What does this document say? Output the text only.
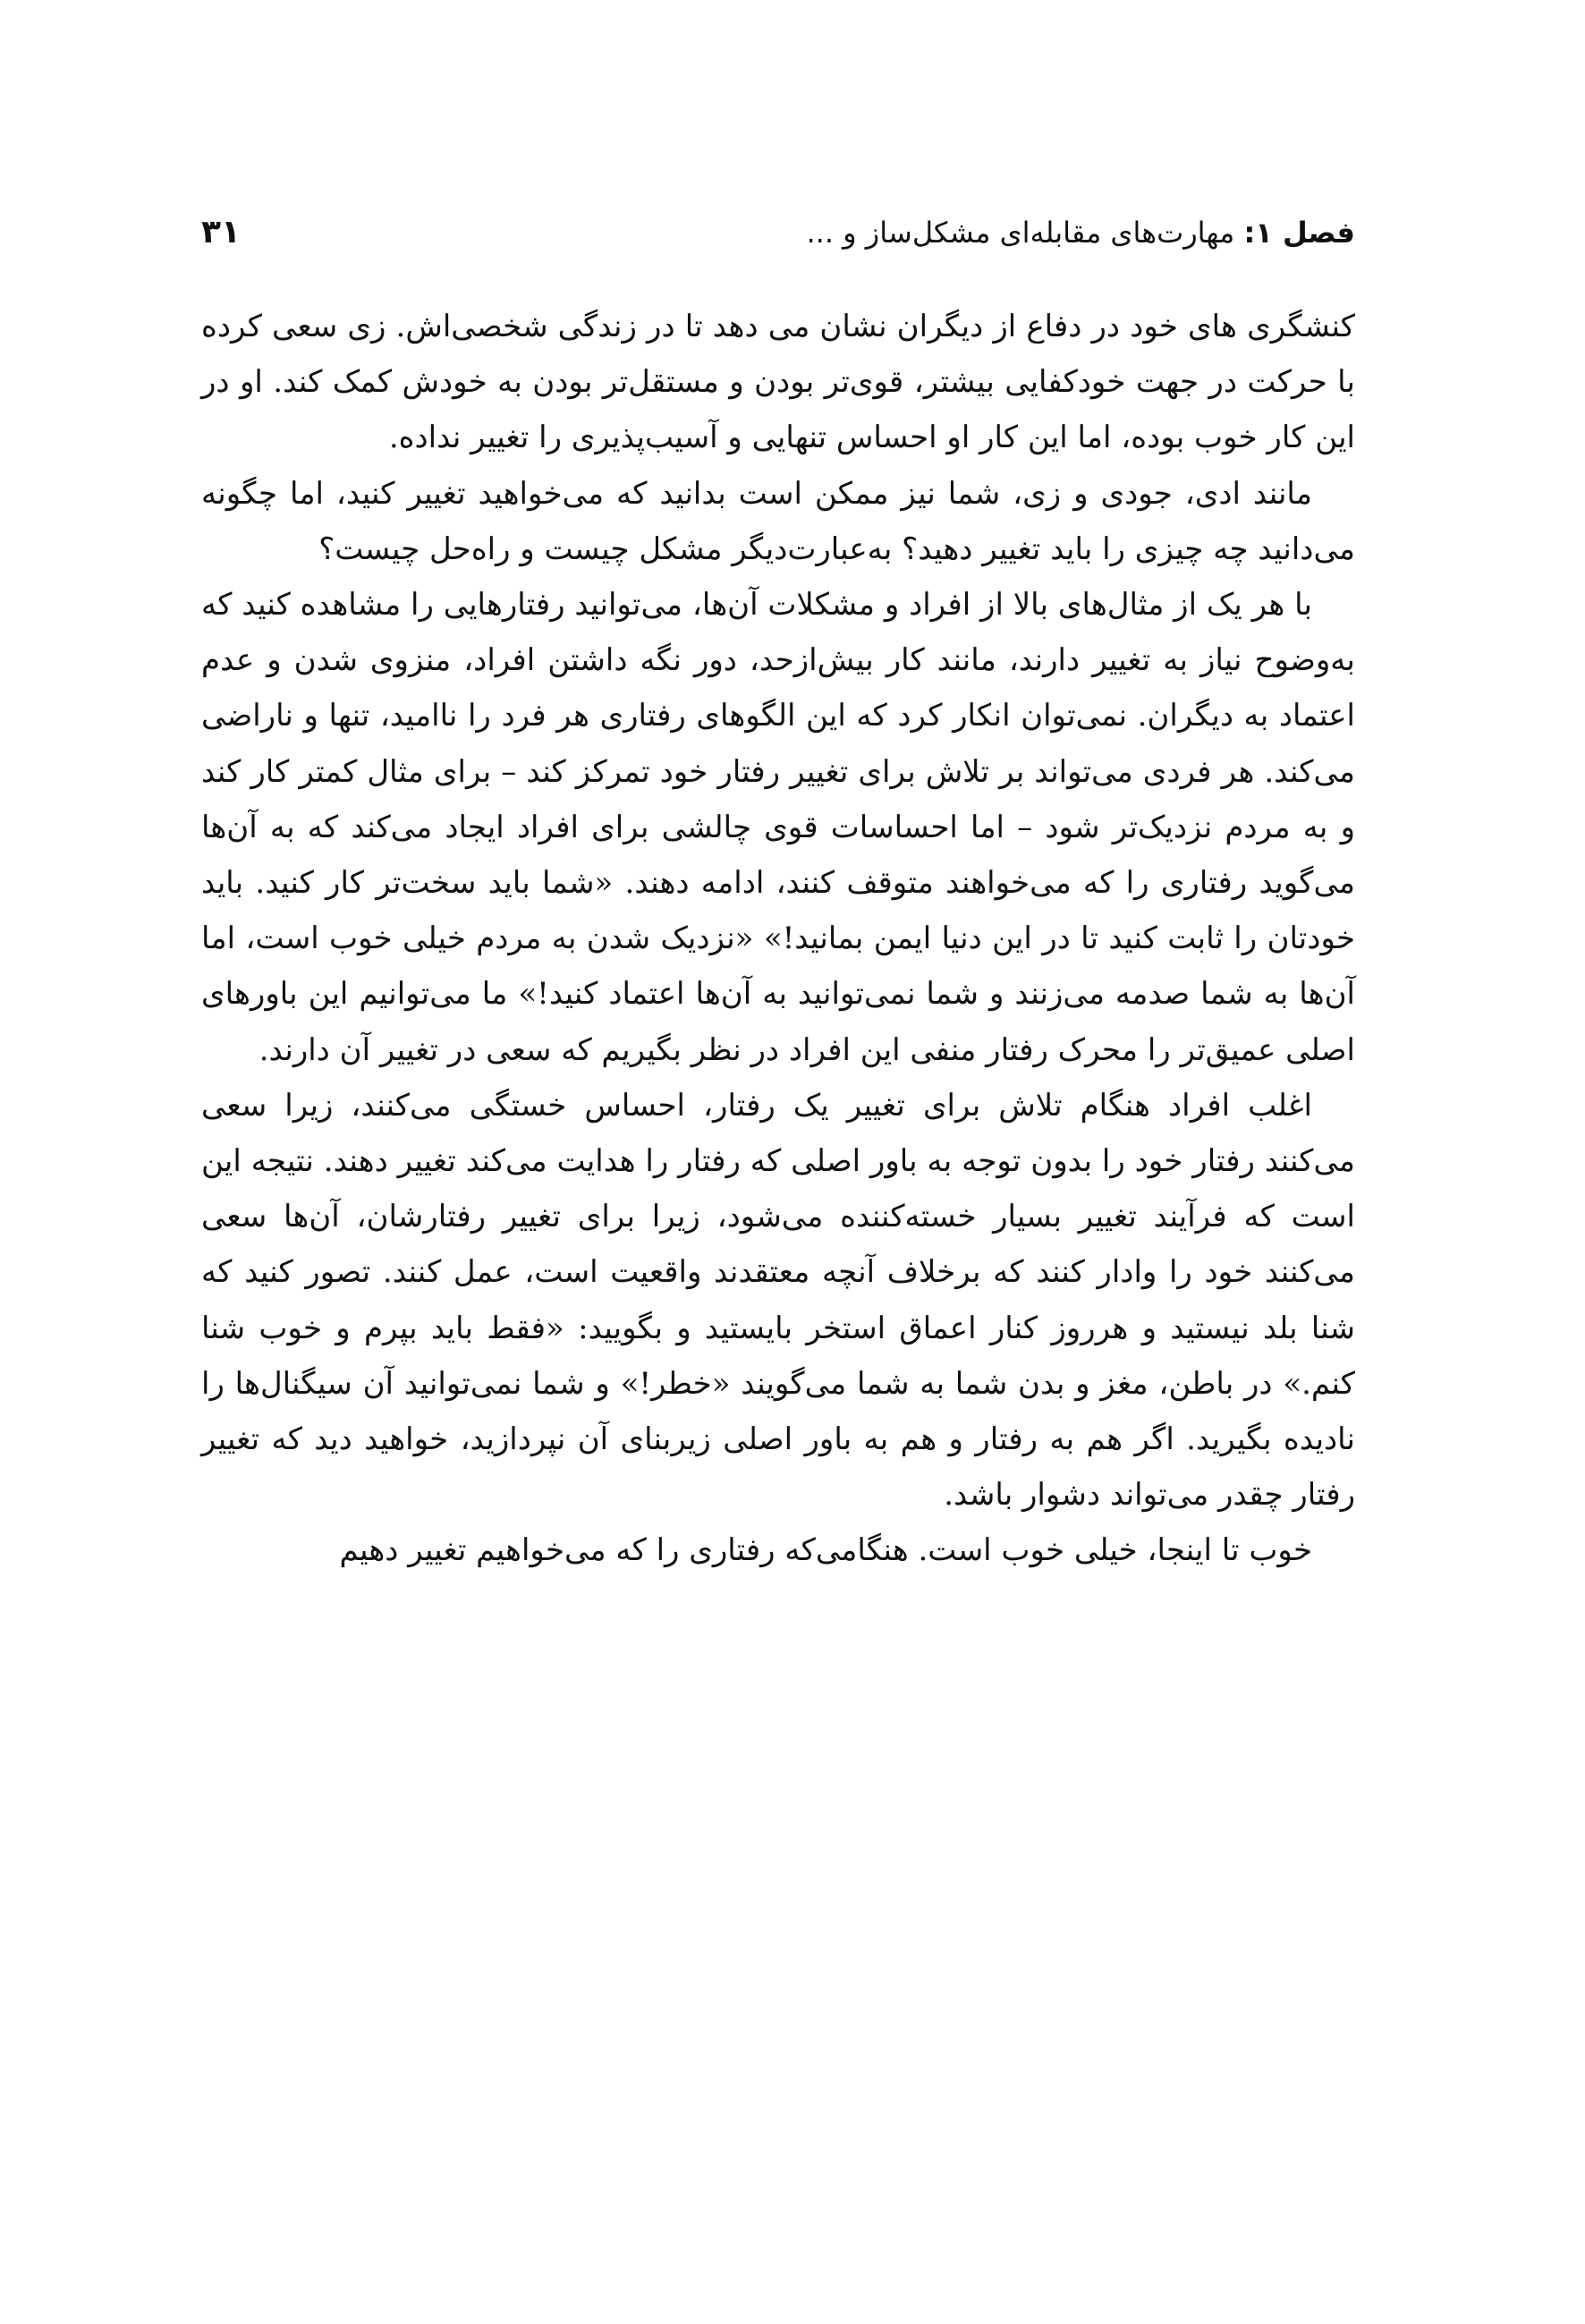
فصل ۱: مهارت‌های مقابله‌ای مشکل‌ساز و ...
۳۱

کنشگری های خود در دفاع از دیگران نشان می دهد تا در زندگی شخصی‌اش. زی سعی کرده با حرکت در جهت خودکفایی بیشتر، قوی‌تر بودن و مستقل‌تر بودن به خودش کمک کند. او در این کار خوب بوده، اما این کار او احساس تنهایی و آسیب‌پذیری را تغییر نداده.

مانند ادی، جودی و زی، شما نیز ممکن است بدانید که می‌خواهید تغییر کنید، اما چگونه می‌دانید چه چیزی را باید تغییر دهید؟ به‌عبارت‌دیگر مشکل چیست و راه‌حل چیست؟

با هر یک از مثال‌های بالا از افراد و مشکلات آن‌ها، می‌توانید رفتارهایی را مشاهده کنید که به‌وضوح نیاز به تغییر دارند، مانند کار بیش‌ازحد، دور نگه داشتن افراد، منزوی شدن و عدم اعتماد به دیگران. نمی‌توان انکار کرد که این الگوهای رفتاری هر فرد را ناامید، تنها و ناراضی می‌کند. هر فردی می‌تواند بر تلاش برای تغییر رفتار خود تمرکز کند – برای مثال کمتر کار کند و به مردم نزدیک‌تر شود – اما احساسات قوی چالشی برای افراد ایجاد می‌کند که به آن‌ها می‌گوید رفتاری را که می‌خواهند متوقف کنند، ادامه دهند. «شما باید سخت‌تر کار کنید. باید خودتان را ثابت کنید تا در این دنیا ایمن بمانید!» «نزدیک شدن به مردم خیلی خوب است، اما آن‌ها به شما صدمه می‌زنند و شما نمی‌توانید به آن‌ها اعتماد کنید!» ما می‌توانیم این باورهای اصلی عمیق‌تر را محرک رفتار منفی این افراد در نظر بگیریم که سعی در تغییر آن دارند.

اغلب افراد هنگام تلاش برای تغییر یک رفتار، احساس خستگی می‌کنند، زیرا سعی می‌کنند رفتار خود را بدون توجه به باور اصلی که رفتار را هدایت می‌کند تغییر دهند. نتیجه این است که فرآیند تغییر بسیار خسته‌کننده می‌شود، زیرا برای تغییر رفتارشان، آن‌ها سعی می‌کنند خود را وادار کنند که برخلاف آنچه معتقدند واقعیت است، عمل کنند. تصور کنید که شنا بلد نیستید و هرروز کنار اعماق استخر بایستید و بگویید: «فقط باید بپرم و خوب شنا کنم.» در باطن، مغز و بدن شما به شما می‌گویند «خطر!» و شما نمی‌توانید آن سیگنال‌ها را نادیده بگیرید. اگر هم به رفتار و هم به باور اصلی زیربنای آن نپردازید، خواهید دید که تغییر رفتار چقدر می‌تواند دشوار باشد.

خوب تا اینجا، خیلی خوب است. هنگامی‌که رفتاری را که می‌خواهیم تغییر دهیم
